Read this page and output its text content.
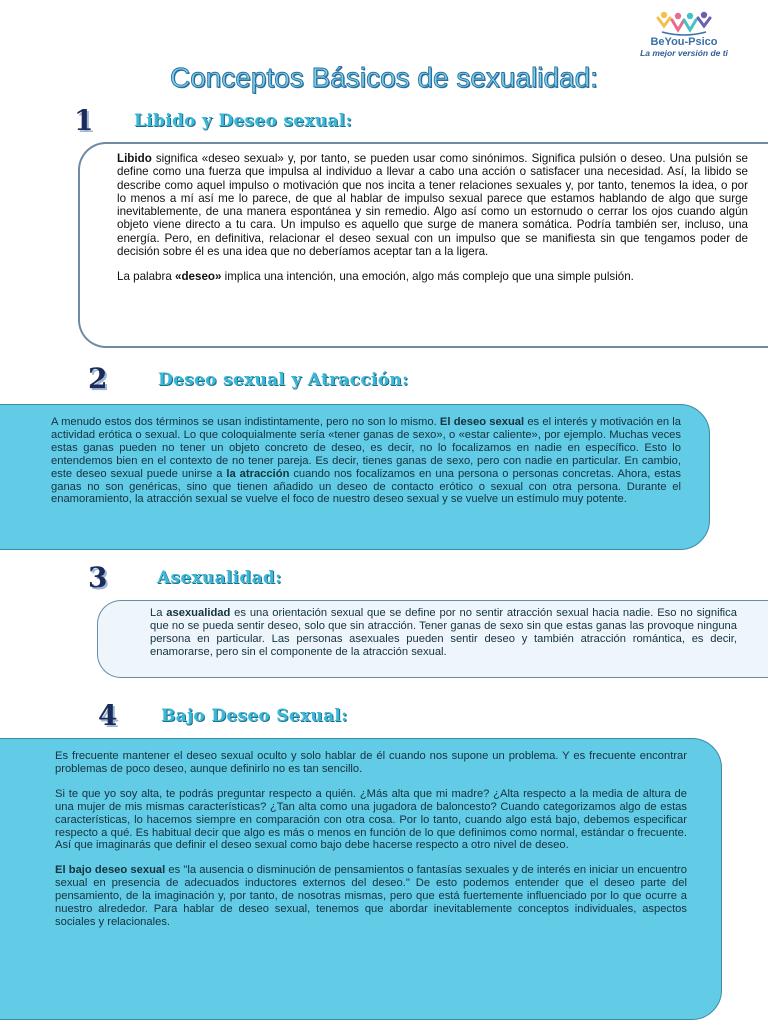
BeYou-Psico
La mejor versión de ti
Conceptos Básicos de sexualidad:
1 Libido y Deseo sexual:

Libido significa «deseo sexual» y, por tanto, se pueden usar como sinónimos. Significa pulsión o deseo. Una pulsión se define como una fuerza que impulsa al individuo a llevar a cabo una acción o satisfacer una necesidad. Así, la libido se describe como aquel impulso o motivación que nos incita a tener relaciones sexuales y, por tanto, tenemos la idea, o por lo menos a mí así me lo parece, de que al hablar de impulso sexual parece que estamos hablando de algo que surge inevitablemente, de una manera espontánea y sin remedio. Algo así como un estornudo o cerrar los ojos cuando algún objeto viene directo a tu cara. Un impulso es aquello que surge de manera somática. Podría también ser, incluso, una energía. Pero, en definitiva, relacionar el deseo sexual con un impulso que se manifiesta sin que tengamos poder de decisión sobre él es una idea que no deberíamos aceptar tan a la ligera.

La palabra «deseo» implica una intención, una emoción, algo más complejo que una simple pulsión.

2	Deseo sexual y Atracción:

A menudo estos dos términos se usan indistintamente, pero no son lo mismo. El deseo sexual es el interés y motivación en la actividad erótica o sexual. Lo que coloquialmente sería «tener ganas de sexo», o «estar caliente», por ejemplo. Muchas veces estas ganas pueden no tener un objeto concreto de deseo, es decir, no lo focalizamos en nadie en específico. Esto lo entendemos bien en el contexto de no tener pareja. Es decir, tienes ganas de sexo, pero con nadie en particular. En cambio, este deseo sexual puede unirse a la atracción cuando nos focalizamos en una persona o personas concretas. Ahora, estas ganas no son genéricas, sino que tienen añadido un deseo de contacto erótico o sexual con otra persona. Durante el enamoramiento, la atracción sexual se vuelve el foco de nuestro deseo sexual y se vuelve un estímulo muy potente.

3	Asexualidad:

La asexualidad es una orientación sexual que se define por no sentir atracción sexual hacia nadie. Eso no significa que no se pueda sentir deseo, solo que sin atracción. Tener ganas de sexo sin que estas ganas las provoque ninguna persona en particular. Las personas asexuales pueden sentir deseo y también atracción romántica, es decir, enamorarse, pero sin el componente de la atracción sexual.

4	Bajo Deseo Sexual:

Es frecuente mantener el deseo sexual oculto y solo hablar de él cuando nos supone un problema. Y es frecuente encontrar problemas de poco deseo, aunque definirlo no es tan sencillo.

Si te que yo soy alta, te podrás preguntar respecto a quién. ¿Más alta que mi madre? ¿Alta respecto a la media de altura de una mujer de mis mismas características? ¿Tan alta como una jugadora de baloncesto? Cuando categorizamos algo de estas características, lo hacemos siempre en comparación con otra cosa. Por lo tanto, cuando algo está bajo, debemos especificar respecto a qué. Es habitual decir que algo es más o menos en función de lo que definimos como normal, estándar o frecuente. Así que imaginarás que definir el deseo sexual como bajo debe hacerse respecto a otro nivel de deseo.

El bajo deseo sexual es "la ausencia o disminución de pensamientos o fantasías sexuales y de interés en iniciar un encuentro sexual en presencia de adecuados inductores externos del deseo." De esto podemos entender que el deseo parte del pensamiento, de la imaginación y, por tanto, de nosotras mismas, pero que está fuertemente influenciado por lo que ocurre a nuestro alrededor. Para hablar de deseo sexual, tenemos que abordar inevitablemente conceptos individuales, aspectos sociales y relacionales.
